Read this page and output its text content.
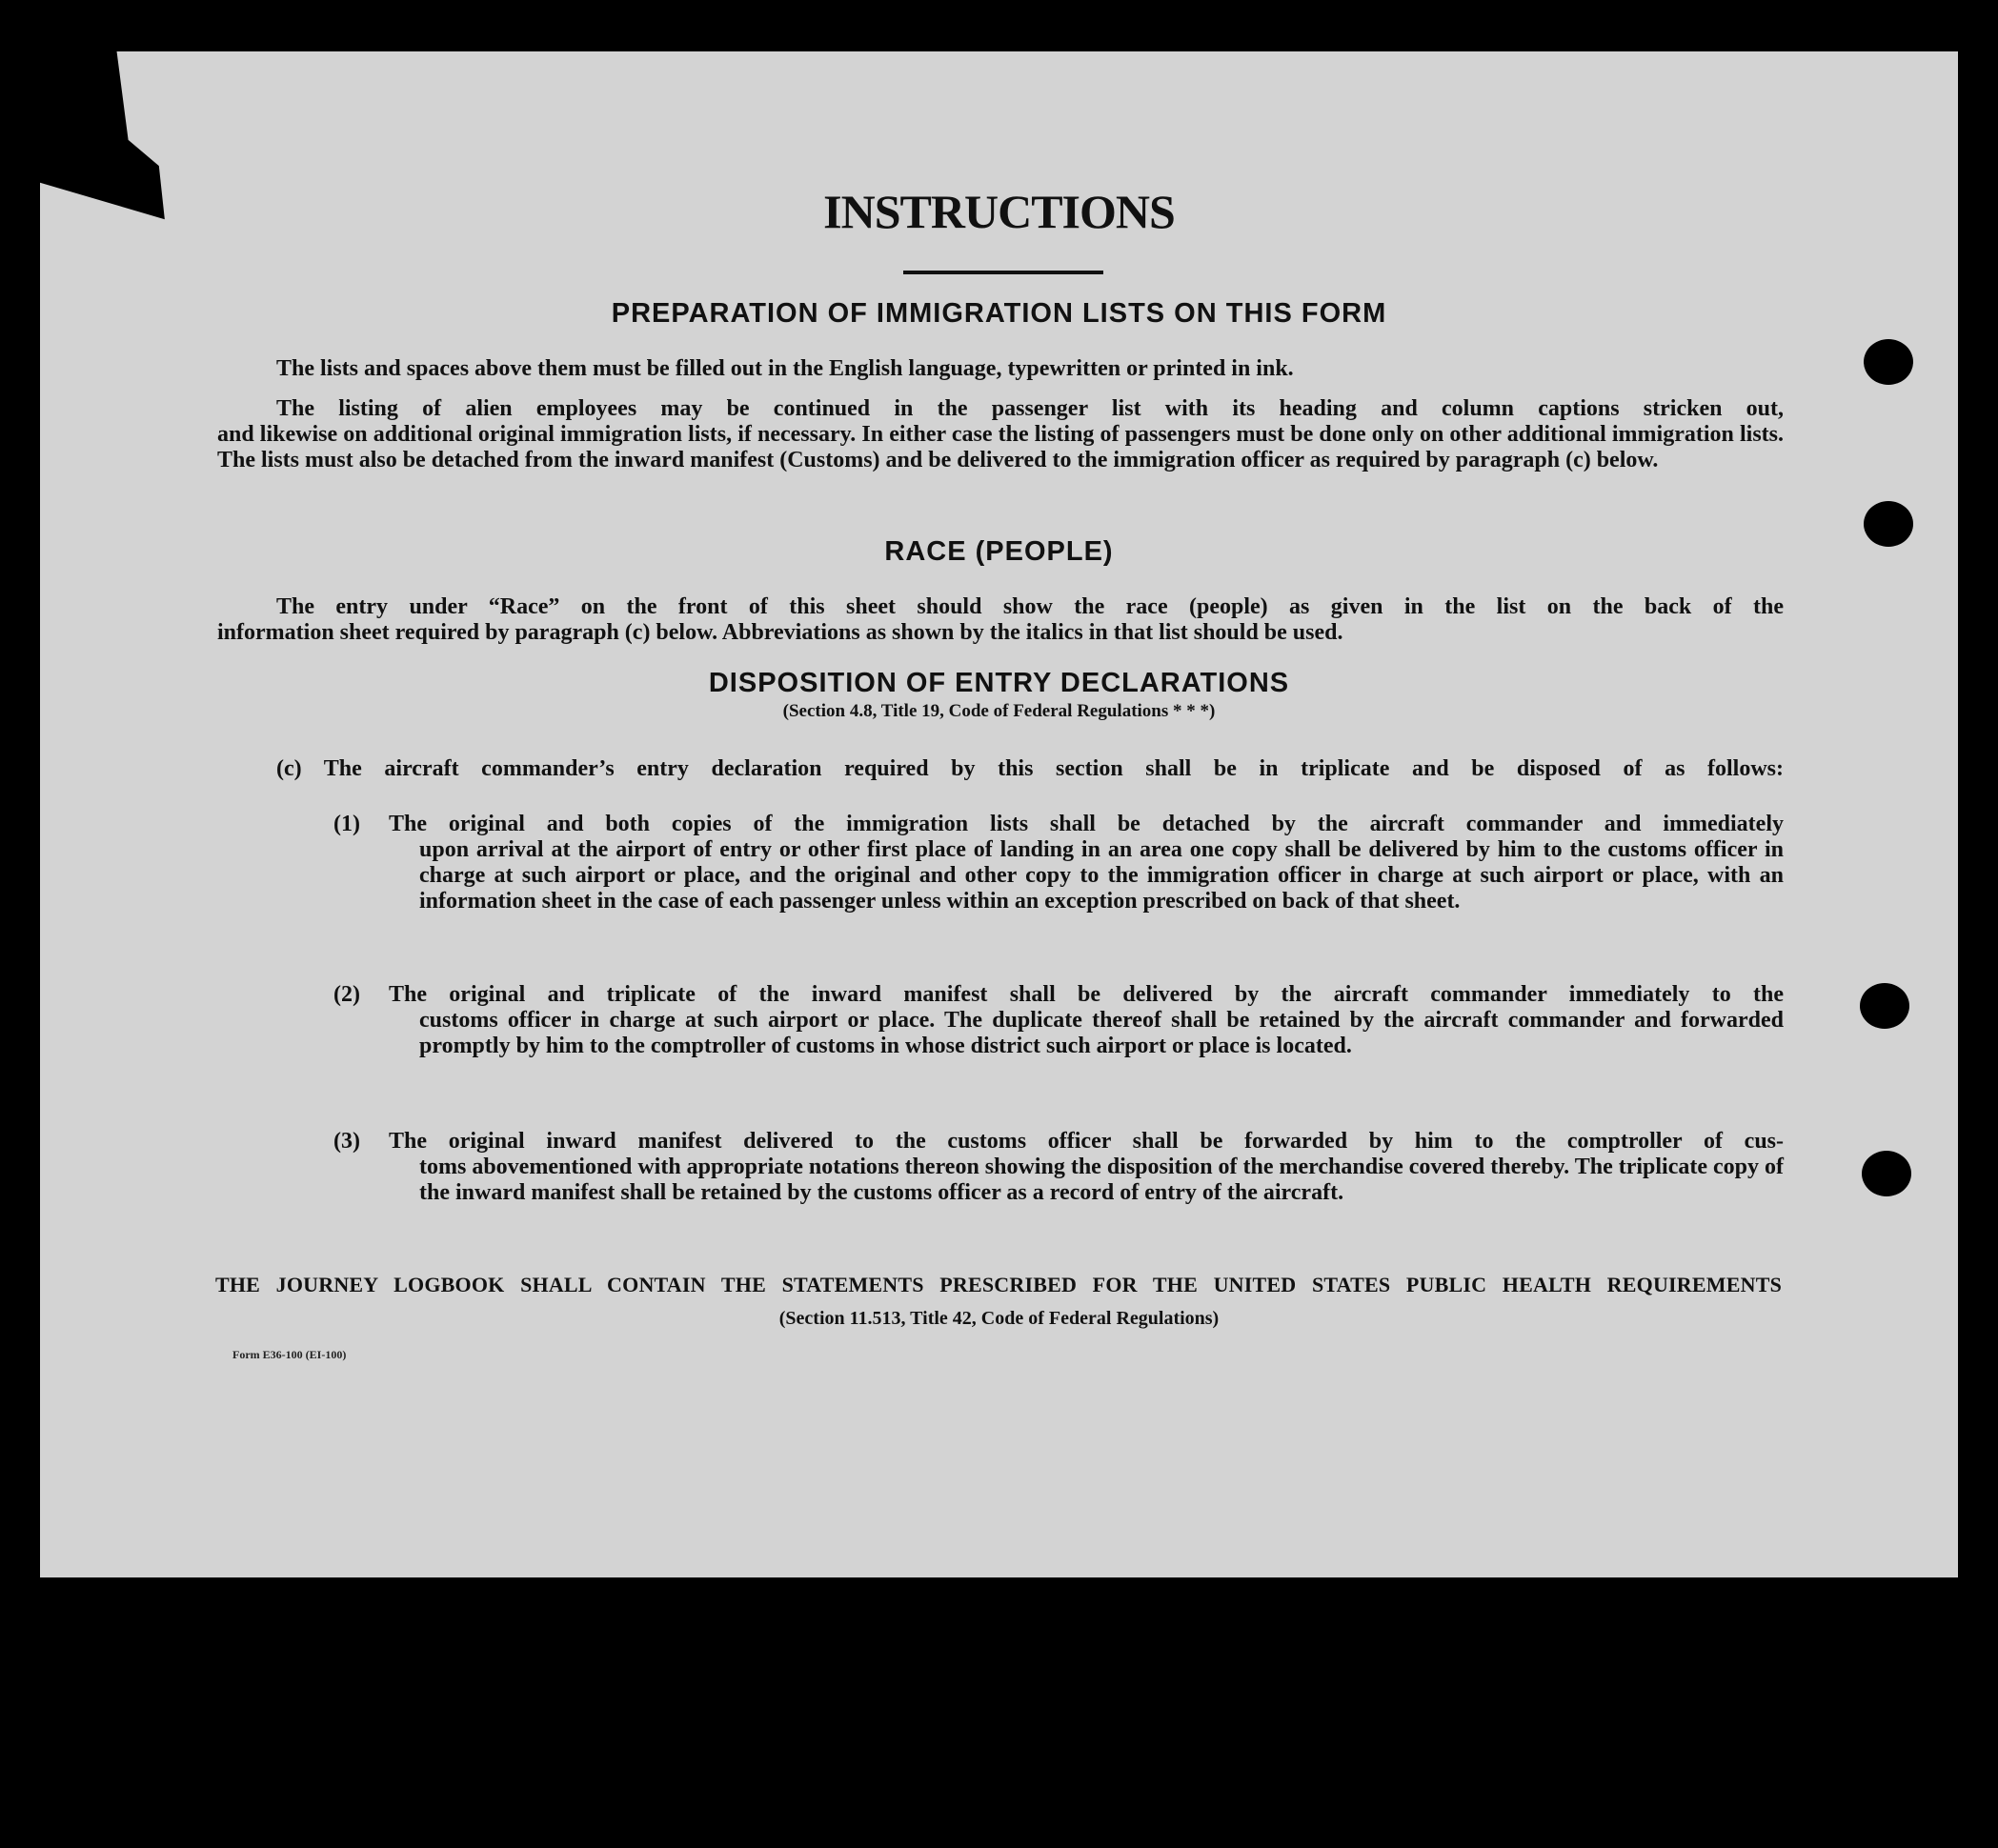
INSTRUCTIONS
PREPARATION OF IMMIGRATION LISTS ON THIS FORM

The lists and spaces above them must be filled out in the English language, typewritten or printed in ink.

The listing of alien employees may be continued in the passenger list with its heading and column captions stricken out,

and likewise on additional original immigration lists, if necessary. In either case the listing of passengers must be done only on other additional immigration lists. The lists must also be detached from the inward manifest (Customs) and be delivered to the immigration officer as required by paragraph (c) below.

RACE (PEOPLE)

The entry under “Race” on the front of this sheet should show the race (people) as given in the list on the back of the

information sheet required by paragraph (c) below. Abbreviations as shown by the italics in that list should be used.

DISPOSITION OF ENTRY DECLARATIONS
(Section 4.8, Title 19, Code of Federal Regulations * * *)

(c) The aircraft commander’s entry declaration required by this section shall be in triplicate and be disposed of as follows:

(1) The original and both copies of the immigration lists shall be detached by the aircraft commander and immediately

upon arrival at the airport of entry or other first place of landing in an area one copy shall be delivered by him to the customs officer in charge at such airport or place, and the original and other copy to the immigration officer in charge at such airport or place, with an information sheet in the case of each passenger unless within an exception prescribed on back of that sheet.

(2) The original and triplicate of the inward manifest shall be delivered by the aircraft commander immediately to the

customs officer in charge at such airport or place. The duplicate thereof shall be retained by the aircraft commander and forwarded promptly by him to the comptroller of customs in whose district such airport or place is located.

(3) The original inward manifest delivered to the customs officer shall be forwarded by him to the comptroller of cus-

toms abovementioned with appropriate notations thereon showing the disposition of the merchandise covered thereby. The triplicate copy of the inward manifest shall be retained by the customs officer as a record of entry of the aircraft.

THE JOURNEY LOGBOOK SHALL CONTAIN THE STATEMENTS PRESCRIBED FOR THE UNITED STATES PUBLIC HEALTH REQUIREMENTS
(Section 11.513, Title 42, Code of Federal Regulations)
Form E36-100 (EI-100)
